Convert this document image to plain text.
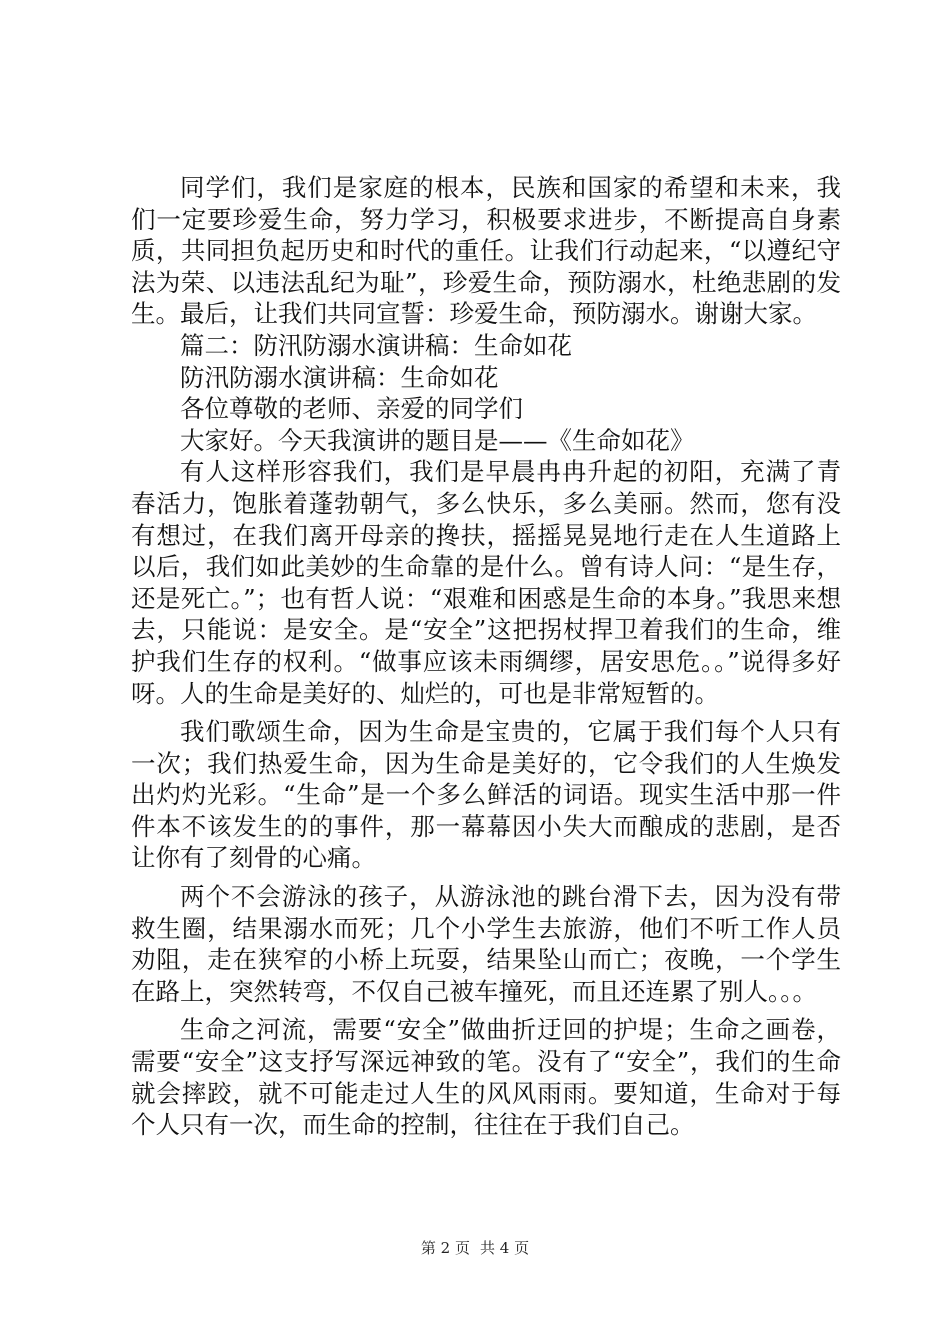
同学们，我们是家庭的根本，民族和国家的希望和未来，我们一定要珍爱生命，努力学习，积极要求进步，不断提高自身素质，共同担负起历史和时代的重任。让我们行动起来，“以遵纪守法为荣、以违法乱纪为耻”，珍爱生命，预防溺水，杜绝悲剧的发生。最后，让我们共同宣誓：珍爱生命，预防溺水。谢谢大家。

篇二：防汛防溺水演讲稿：生命如花

防汛防溺水演讲稿：生命如花

各位尊敬的老师、亲爱的同学们

大家好。今天我演讲的题目是——《生命如花》

有人这样形容我们，我们是早晨冉冉升起的初阳，充满了青春活力，饱胀着蓬勃朝气，多么快乐，多么美丽。然而，您有没有想过，在我们离开母亲的搀扶，摇摇晃晃地行走在人生道路上以后，我们如此美妙的生命靠的是什么。曾有诗人问：“是生存，还是死亡。”；也有哲人说：“艰难和困惑是生命的本身。”我思来想去，只能说：是安全。是“安全”这把拐杖捍卫着我们的生命，维护我们生存的权利。“做事应该未雨绸缪，居安思危。。”说得多好呀。人的生命是美好的、灿烂的，可也是非常短暂的。

我们歌颂生命，因为生命是宝贵的，它属于我们每个人只有一次；我们热爱生命，因为生命是美好的，它令我们的人生焕发出灼灼光彩。“生命”是一个多么鲜活的词语。现实生活中那一件件本不该发生的的事件，那一幕幕因小失大而酿成的悲剧，是否让你有了刻骨的心痛。

两个不会游泳的孩子，从游泳池的跳台滑下去，因为没有带救生圈，结果溺水而死；几个小学生去旅游，他们不听工作人员劝阻，走在狭窄的小桥上玩耍，结果坠山而亡；夜晚，一个学生在路上，突然转弯，不仅自己被车撞死，而且还连累了别人。。。

生命之河流，需要“安全”做曲折迂回的护堤；生命之画卷，需要“安全”这支抒写深远神致的笔。没有了“安全”，我们的生命就会摔跤，就不可能走过人生的风风雨雨。要知道，生命对于每个人只有一次，而生命的控制，往往在于我们自己。

第 2 页 共 4 页
